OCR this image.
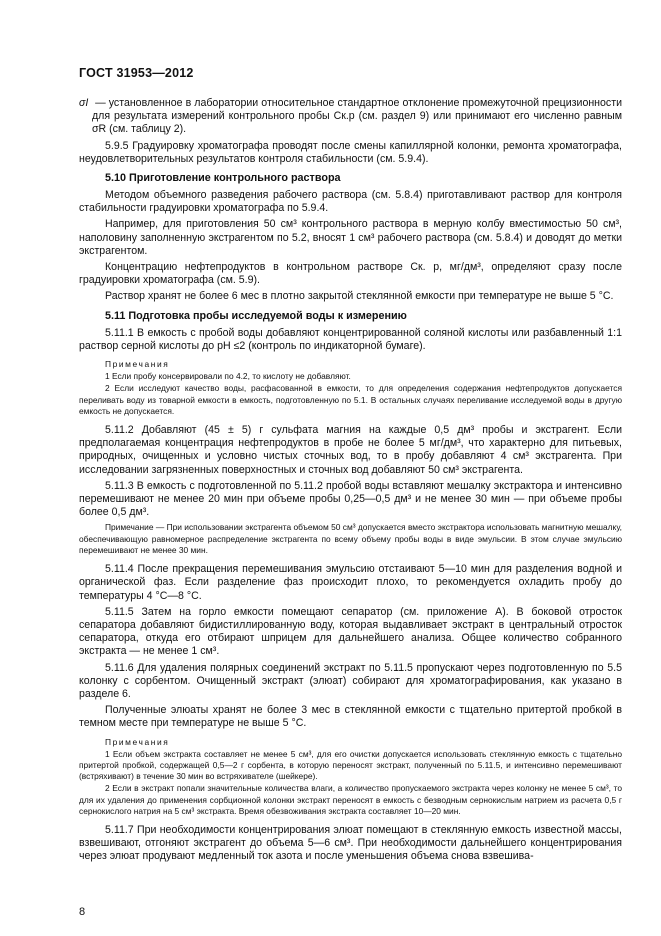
ГОСТ 31953—2012
σI — установленное в лаборатории относительное стандартное отклонение промежуточной прецизионности для результата измерений контрольного пробы Cк.р (см. раздел 9) или принимают его численно равным σR (см. таблицу 2).
5.9.5 Градуировку хроматографа проводят после смены капиллярной колонки, ремонта хроматографа, неудовлетворительных результатов контроля стабильности (см. 5.9.4).
5.10 Приготовление контрольного раствора
Методом объемного разведения рабочего раствора (см. 5.8.4) приготавливают раствор для контроля стабильности градуировки хроматографа по 5.9.4.
Например, для приготовления 50 см³ контрольного раствора в мерную колбу вместимостью 50 см³, наполовину заполненную экстрагентом по 5.2, вносят 1 см³ рабочего раствора (см. 5.8.4) и доводят до метки экстрагентом.
Концентрацию нефтепродуктов в контрольном растворе Cк. р, мг/дм³, определяют сразу после градуировки хроматографа (см. 5.9).
Раствор хранят не более 6 мес в плотно закрытой стеклянной емкости при температуре не выше 5 °С.
5.11 Подготовка пробы исследуемой воды к измерению
5.11.1 В емкость с пробой воды добавляют концентрированной соляной кислоты или разбавленный 1:1 раствор серной кислоты до pH ≤2 (контроль по индикаторной бумаге).
Примечания
1 Если пробу консервировали по 4.2, то кислоту не добавляют.
2 Если исследуют качество воды, расфасованной в емкости, то для определения содержания нефтепродуктов допускается переливать воду из товарной емкости в емкость, подготовленную по 5.1. В остальных случаях переливание исследуемой воды в другую емкость не допускается.
5.11.2 Добавляют (45 ± 5) г сульфата магния на каждые 0,5 дм³ пробы и экстрагент. Если предполагаемая концентрация нефтепродуктов в пробе не более 5 мг/дм³, что характерно для питьевых, природных, очищенных и условно чистых сточных вод, то в пробу добавляют 4 см³ экстрагента. При исследовании загрязненных поверхностных и сточных вод добавляют 50 см³ экстрагента.
5.11.3 В емкость с подготовленной по 5.11.2 пробой воды вставляют мешалку экстрактора и интенсивно перемешивают не менее 20 мин при объеме пробы 0,25—0,5 дм³ и не менее 30 мин — при объеме пробы более 0,5 дм³.
Примечание — При использовании экстрагента объемом 50 см³ допускается вместо экстрактора использовать магнитную мешалку, обеспечивающую равномерное распределение экстрагента по всему объему пробы воды в виде эмульсии. В этом случае эмульсию перемешивают не менее 30 мин.
5.11.4 После прекращения перемешивания эмульсию отстаивают 5—10 мин для разделения водной и органической фаз. Если разделение фаз происходит плохо, то рекомендуется охладить пробу до температуры 4 °С—8 °С.
5.11.5 Затем на горло емкости помещают сепаратор (см. приложение А). В боковой отросток сепаратора добавляют бидистиллированную воду, которая выдавливает экстракт в центральный отросток сепаратора, откуда его отбирают шприцем для дальнейшего анализа. Общее количество собранного экстракта — не менее 1 см³.
5.11.6 Для удаления полярных соединений экстракт по 5.11.5 пропускают через подготовленную по 5.5 колонку с сорбентом. Очищенный экстракт (элюат) собирают для хроматографирования, как указано в разделе 6.
Полученные элюаты хранят не более 3 мес в стеклянной емкости с тщательно притертой пробкой в темном месте при температуре не выше 5 °С.
Примечания
1 Если объем экстракта составляет не менее 5 см³, для его очистки допускается использовать стеклянную емкость с тщательно притертой пробкой, содержащей 0,5—2 г сорбента, в которую переносят экстракт, полученный по 5.11.5, и интенсивно перемешивают (встряхивают) в течение 30 мин во встряхивателе (шейкере).
2 Если в экстракт попали значительные количества влаги, а количество пропускаемого экстракта через колонку не менее 5 см³, то для их удаления до применения сорбционной колонки экстракт переносят в емкость с безводным сернокислым натрием из расчета 0,5 г сернокислого натрия на 5 см³ экстракта. Время обезвоживания экстракта составляет 10—20 мин.
5.11.7 При необходимости концентрирования элюат помещают в стеклянную емкость известной массы, взвешивают, отгоняют экстрагент до объема 5—6 см³. При необходимости дальнейшего концентрирования через элюат продувают медленный ток азота и после уменьшения объема снова взвешива-
8
